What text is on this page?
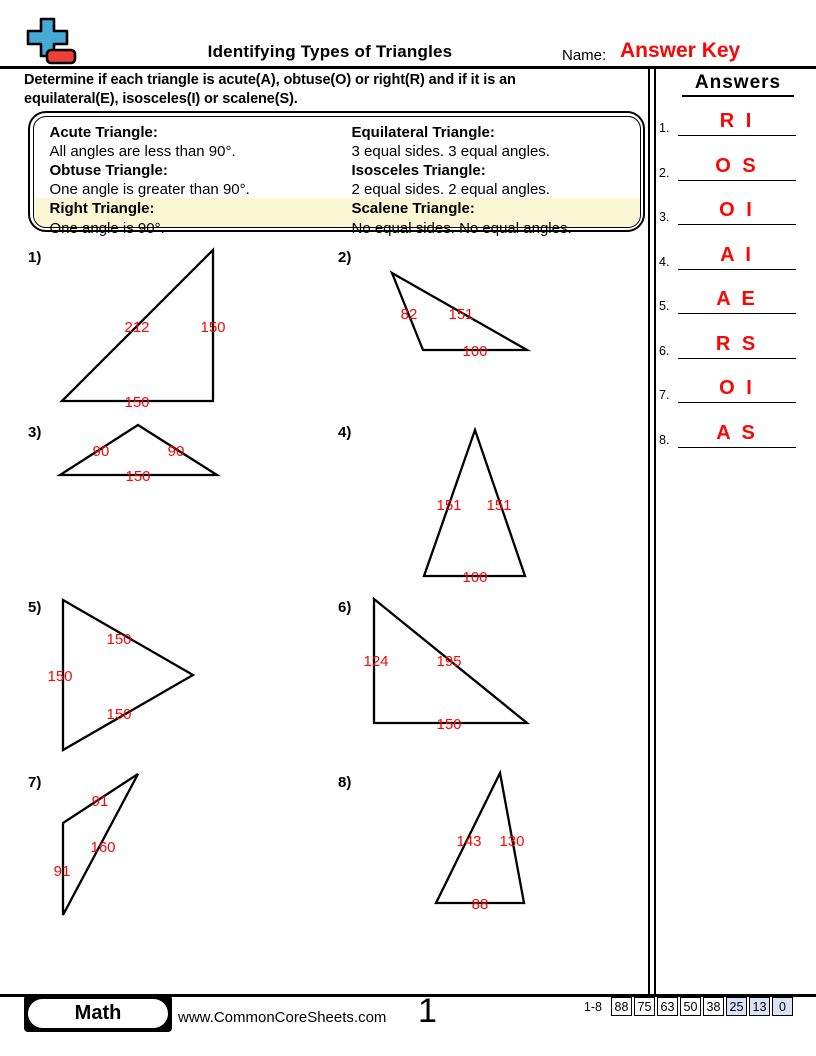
Identifying Types of Triangles	Name: Answer Key
Determine if each triangle is acute(A), obtuse(O) or right(R) and if it is an
equilateral(E), isosceles(I) or scalene(S).
Acute Triangle:
All angles are less than 90°.
Obtuse Triangle:
One angle is greater than 90°.
Right Triangle:
One angle is 90°.
Equilateral Triangle:
3 equal sides. 3 equal angles.
Isosceles Triangle:
2 equal sides. 2 equal angles.
Scalene Triangle:
No equal sides. No equal angles.
Answers
1.	R I
2.	O S
3.	O I
4.	A I
5.	A E
6.	R S
7.	O I
8.	A S
1)
212	150
150
2)
82 151
100
3)
90	90
150
4)
151 151
100
5)
150
150
150
6)
124	195
150
7)
91
160
91
8)
143 130
88
Math	www.CommonCoreSheets.com 1	1-8 88 75 63 50 38 25 13	0
